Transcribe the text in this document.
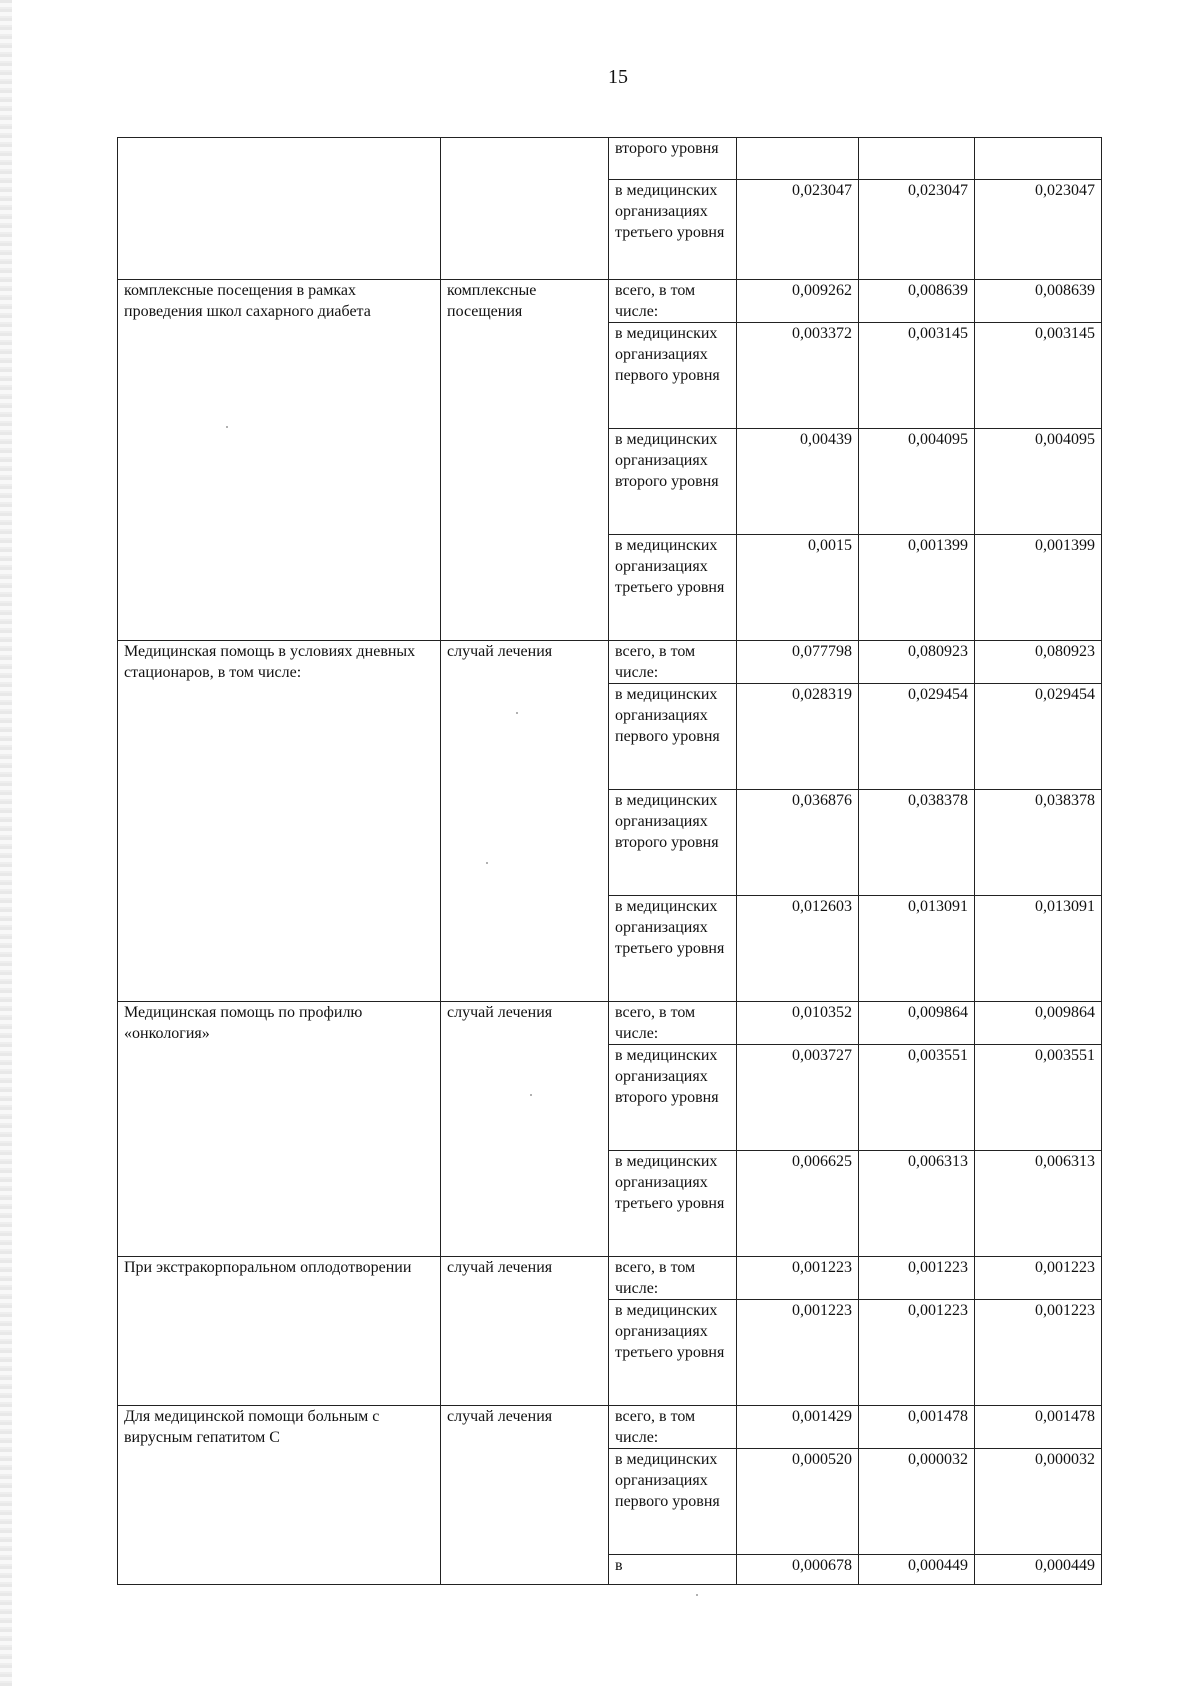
15
		второго уровня			
		в медицинских организациях третьего уровня	0,023047	0,023047	0,023047
комплексные посещения в рамках проведения школ сахарного диабета	комплексные посещения	всего, в том числе:	0,009262	0,008639	0,008639
		в медицинских организациях первого уровня	0,003372	0,003145	0,003145
		в медицинских организациях второго уровня	0,00439	0,004095	0,004095
		в медицинских организациях третьего уровня	0,0015	0,001399	0,001399
Медицинская помощь в условиях дневных стационаров, в том числе:	случай лечения	всего, в том числе:	0,077798	0,080923	0,080923
		в медицинских организациях первого уровня	0,028319	0,029454	0,029454
		в медицинских организациях второго уровня	0,036876	0,038378	0,038378
		в медицинских организациях третьего уровня	0,012603	0,013091	0,013091
Медицинская помощь по профилю «онкология»	случай лечения	всего, в том числе:	0,010352	0,009864	0,009864
		в медицинских организациях второго уровня	0,003727	0,003551	0,003551
		в медицинских организациях третьего уровня	0,006625	0,006313	0,006313
При экстракорпоральном оплодотворении	случай лечения	всего, в том числе:	0,001223	0,001223	0,001223
		в медицинских организациях третьего уровня	0,001223	0,001223	0,001223
Для медицинской помощи больным с вирусным гепатитом С	случай лечения	всего, в том числе:	0,001429	0,001478	0,001478
		в медицинских организациях первого уровня	0,000520	0,000032	0,000032
		в	0,000678	0,000449	0,000449
